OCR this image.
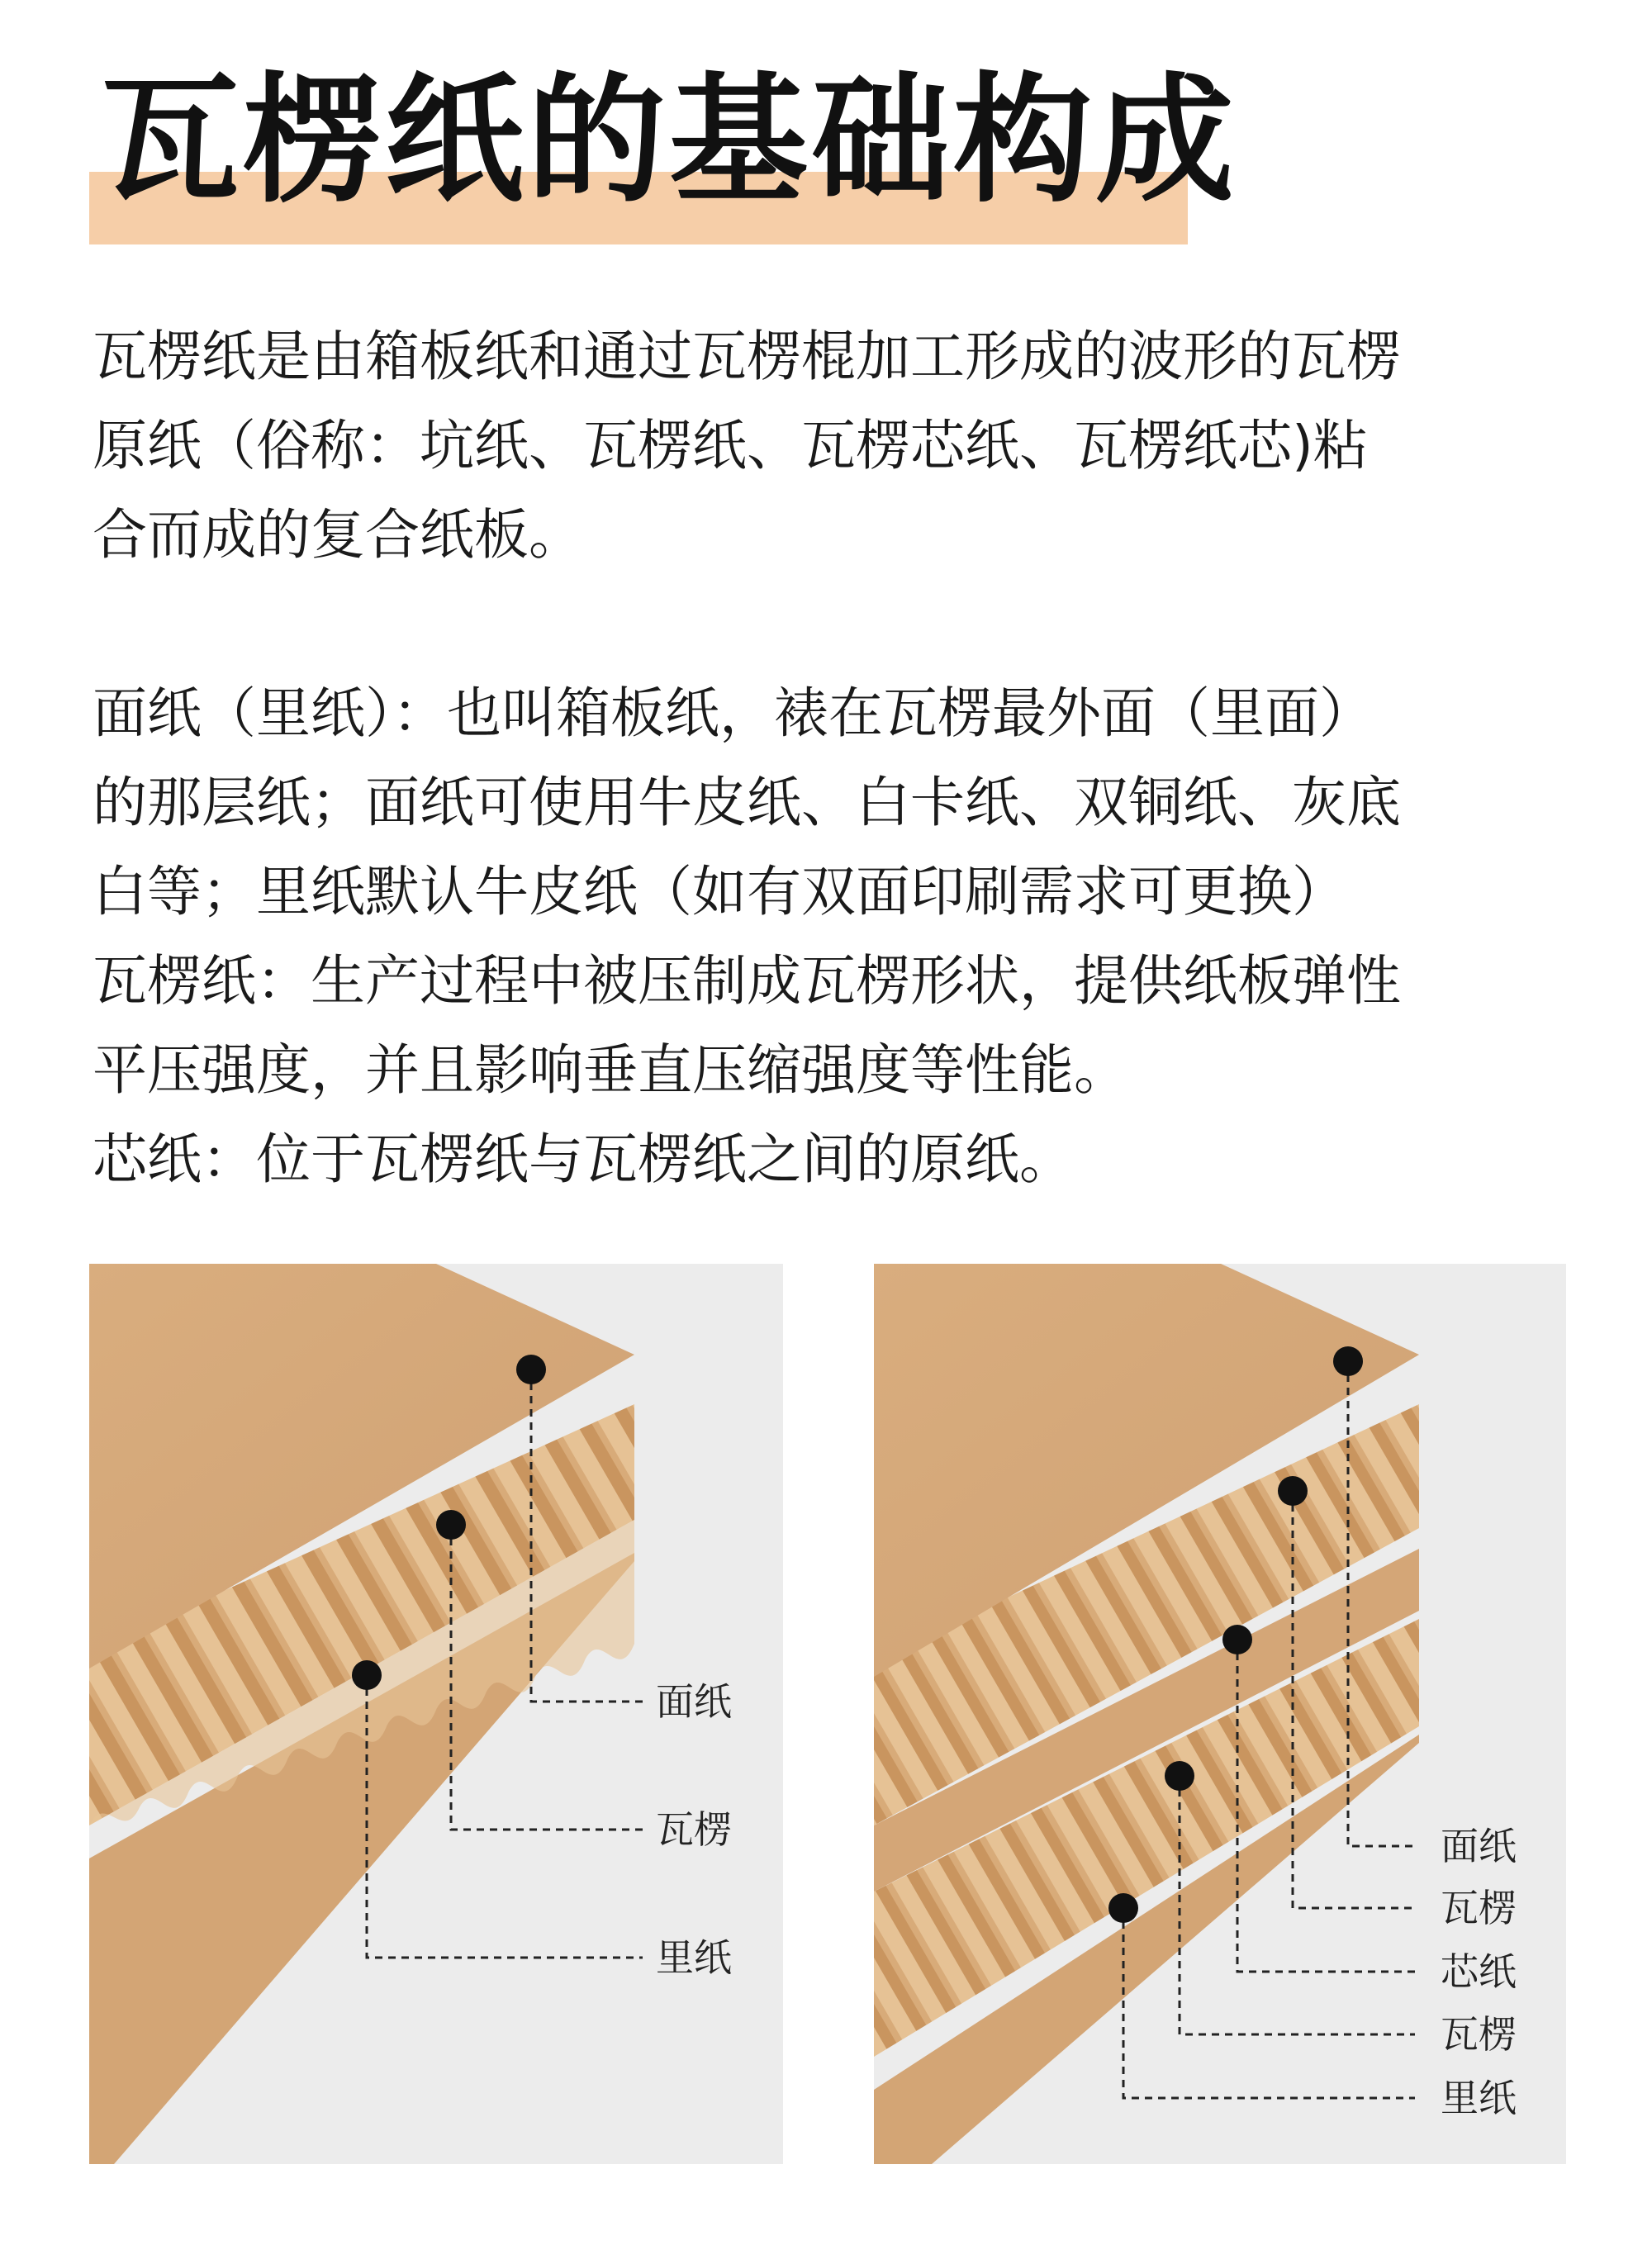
瓦楞纸的基础构成
瓦楞纸是由箱板纸和通过瓦楞棍加工形成的波形的瓦楞
原纸（俗称：坑纸、瓦楞纸、瓦楞芯纸、瓦楞纸芯)粘
合而成的复合纸板。
面纸（里纸）：也叫箱板纸，裱在瓦楞最外面（里面）
的那层纸；面纸可使用牛皮纸、白卡纸、双铜纸、灰底
白等；里纸默认牛皮纸（如有双面印刷需求可更换）
瓦楞纸：生产过程中被压制成瓦楞形状，提供纸板弹性
平压强度，并且影响垂直压缩强度等性能。
芯纸：位于瓦楞纸与瓦楞纸之间的原纸。
面纸
瓦楞
里纸
面纸
瓦楞
芯纸
瓦楞
里纸
